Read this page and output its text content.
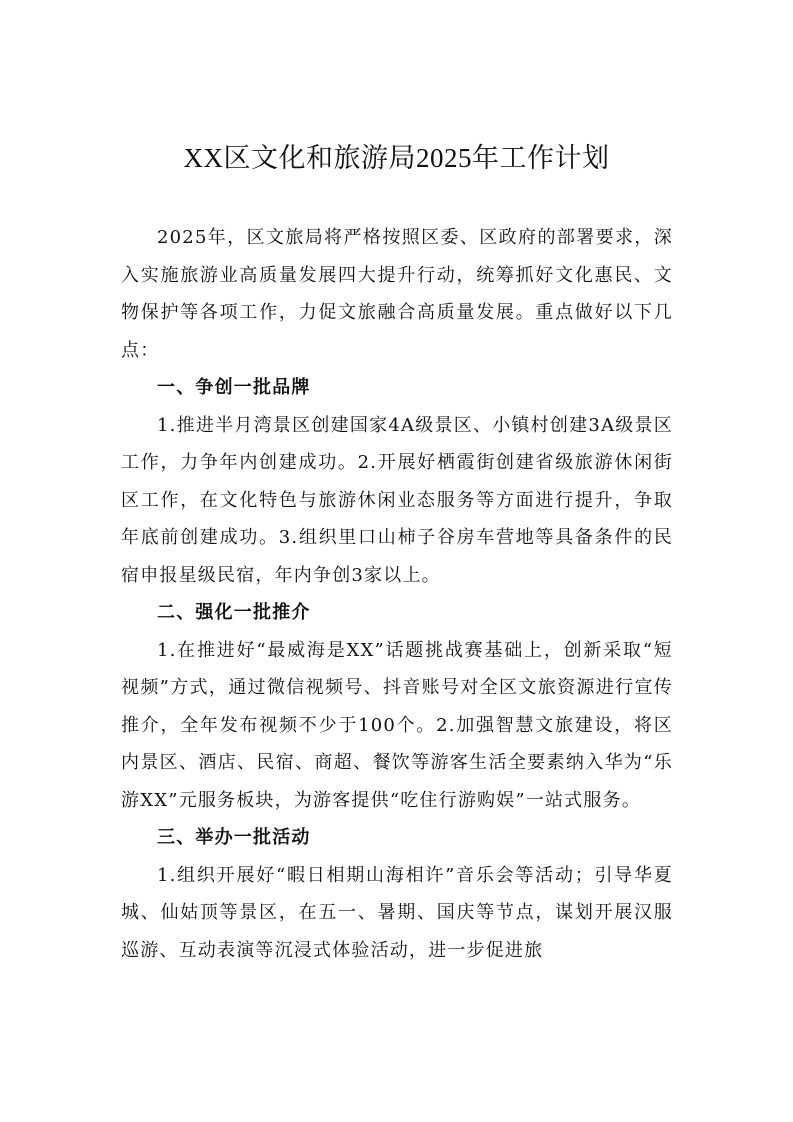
XX区文化和旅游局2025年工作计划

2025年，区文旅局将严格按照区委、区政府的部署要求，深入实施旅游业高质量发展四大提升行动，统筹抓好文化惠民、文物保护等各项工作，力促文旅融合高质量发展。重点做好以下几点：

一、争创一批品牌

1.推进半月湾景区创建国家4A级景区、小镇村创建3A级景区工作，力争年内创建成功。2.开展好栖霞街创建省级旅游休闲街区工作，在文化特色与旅游休闲业态服务等方面进行提升，争取年底前创建成功。3.组织里口山柿子谷房车营地等具备条件的民宿申报星级民宿，年内争创3家以上。

二、强化一批推介

1.在推进好“最威海是XX”话题挑战赛基础上，创新采取“短视频”方式，通过微信视频号、抖音账号对全区文旅资源进行宣传推介，全年发布视频不少于100个。2.加强智慧文旅建设，将区内景区、酒店、民宿、商超、餐饮等游客生活全要素纳入华为“乐游XX”元服务板块，为游客提供“吃住行游购娱”一站式服务。

三、举办一批活动

1.组织开展好“暇日相期山海相许”音乐会等活动；引导华夏城、仙姑顶等景区，在五一、暑期、国庆等节点，谋划开展汉服巡游、互动表演等沉浸式体验活动，进一步促进旅
